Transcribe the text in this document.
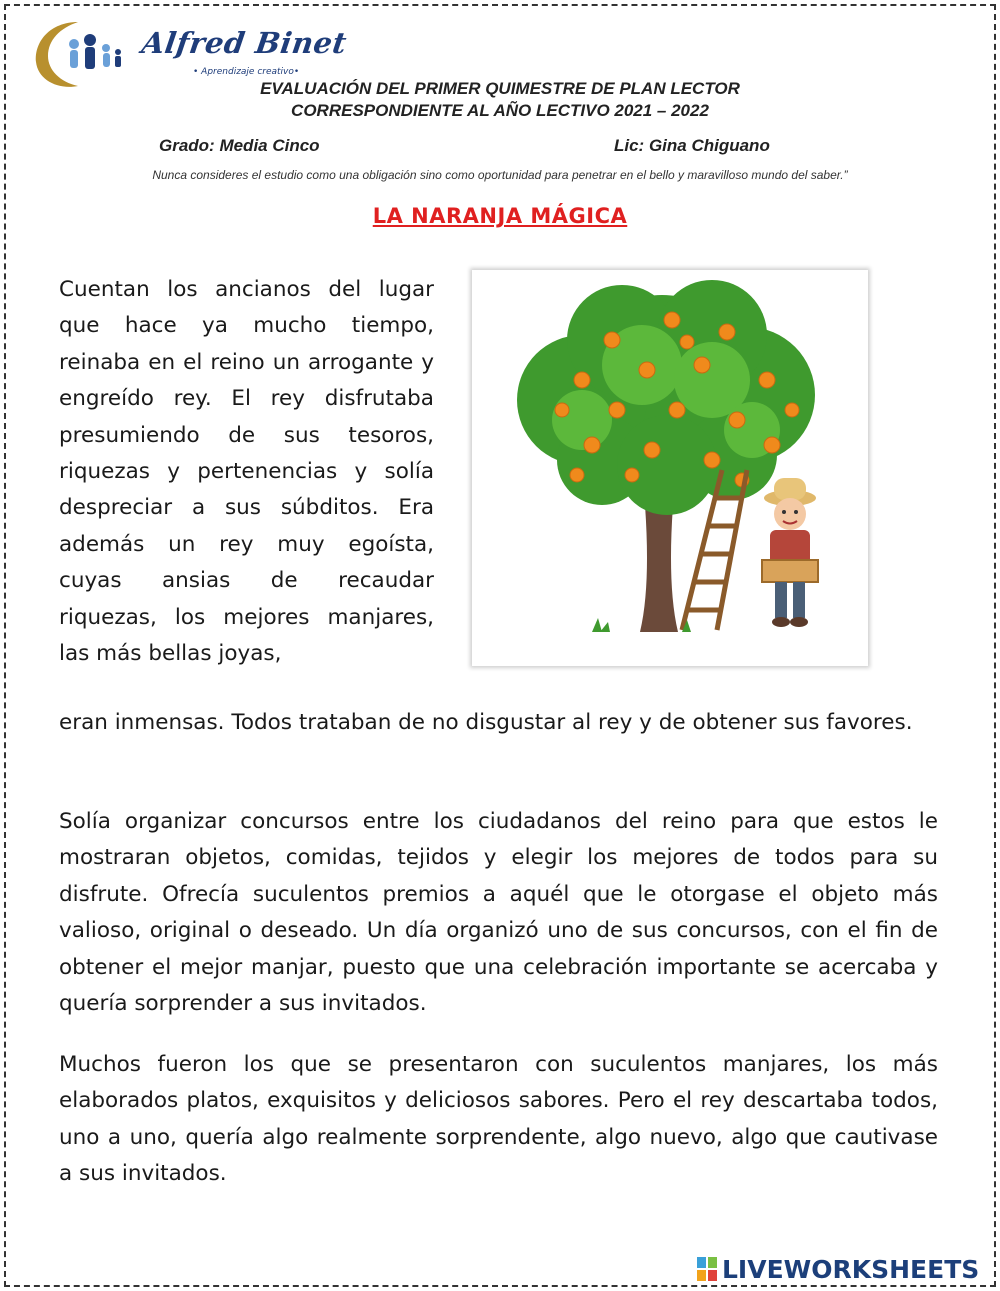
Alfred Binet
• Aprendizaje creativo•
EVALUACIÓN DEL PRIMER QUIMESTRE DE PLAN LECTOR
CORRESPONDIENTE AL AÑO LECTIVO 2021 – 2022
Grado: Media Cinco	Lic: Gina Chiguano
Nunca consideres el estudio como una obligación sino como oportunidad para penetrar en el bello y maravilloso mundo del saber.”
LA NARANJA MÁGICA

Cuentan los ancianos del lugar que hace ya mucho tiempo, reinaba en el reino un arrogante y engreído rey. El rey disfrutaba presumiendo de sus tesoros, riquezas y pertenencias y solía despreciar a sus súbditos. Era además un rey muy egoísta, cuyas ansias de recaudar riquezas, los mejores manjares, las más bellas joyas,

eran inmensas. Todos trataban de no disgustar al rey y de obtener sus favores.

Solía organizar concursos entre los ciudadanos del reino para que estos le mostraran objetos, comidas, tejidos y elegir los mejores de todos para su disfrute. Ofrecía suculentos premios a aquél que le otorgase el objeto más valioso, original o deseado. Un día organizó uno de sus concursos, con el fin de obtener el mejor manjar, puesto que una celebración importante se acercaba y quería sorprender a sus invitados.

Muchos fueron los que se presentaron con suculentos manjares, los más elaborados platos, exquisitos y deliciosos sabores. Pero el rey descartaba todos, uno a uno, quería algo realmente sorprendente, algo nuevo, algo que cautivase a sus invitados.

LIVEWORKSHEETS
